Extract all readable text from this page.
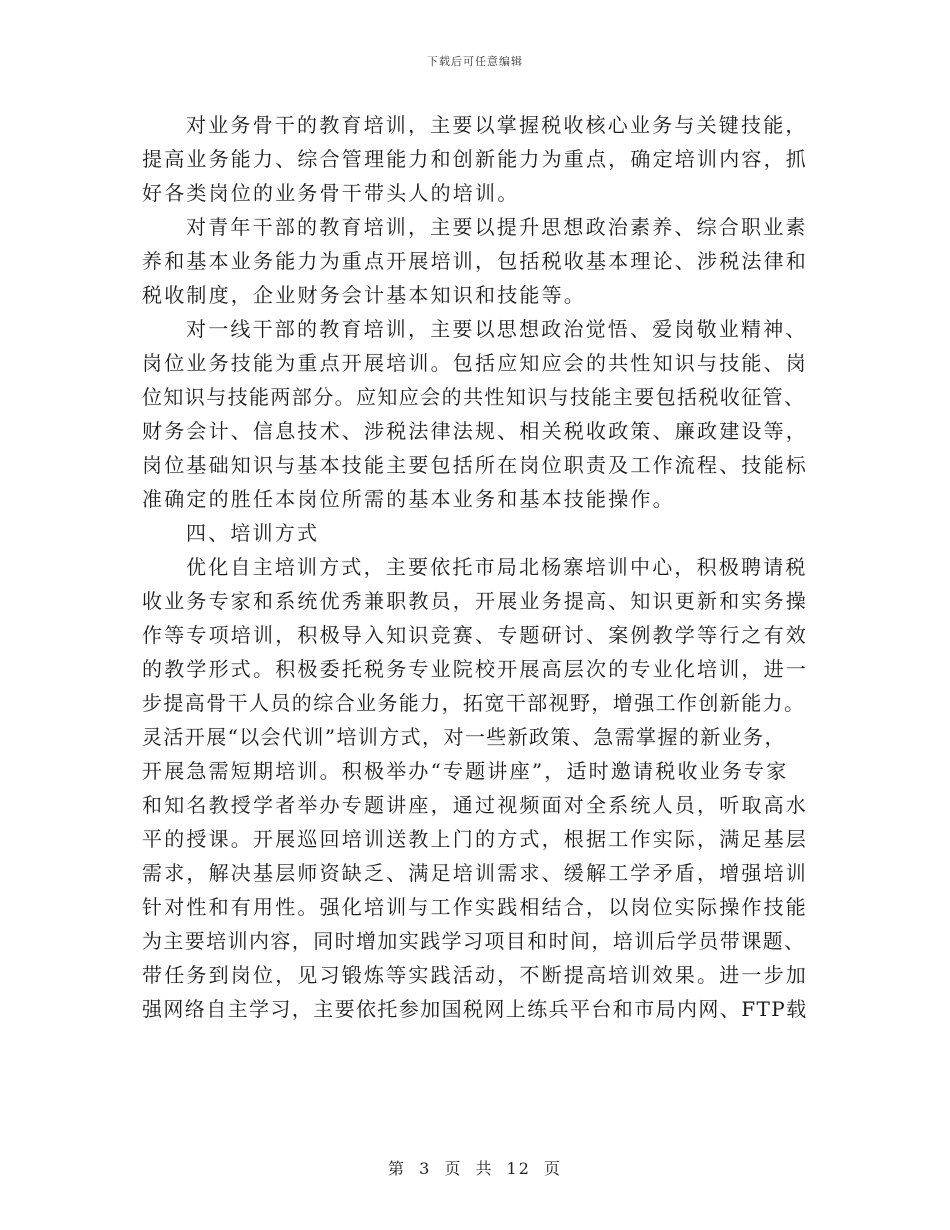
下载后可任意编辑
对业务骨干的教育培训，主要以掌握税收核心业务与关键技能，
提高业务能力、综合管理能力和创新能力为重点，确定培训内容，抓
好各类岗位的业务骨干带头人的培训。
对青年干部的教育培训，主要以提升思想政治素养、综合职业素
养和基本业务能力为重点开展培训，包括税收基本理论、涉税法律和
税收制度，企业财务会计基本知识和技能等。
对一线干部的教育培训，主要以思想政治觉悟、爱岗敬业精神、
岗位业务技能为重点开展培训。包括应知应会的共性知识与技能、岗
位知识与技能两部分。应知应会的共性知识与技能主要包括税收征管、
财务会计、信息技术、涉税法律法规、相关税收政策、廉政建设等，
岗位基础知识与基本技能主要包括所在岗位职责及工作流程、技能标
准确定的胜任本岗位所需的基本业务和基本技能操作。
四、培训方式
优化自主培训方式，主要依托市局北杨寨培训中心，积极聘请税
收业务专家和系统优秀兼职教员，开展业务提高、知识更新和实务操
作等专项培训，积极导入知识竞赛、专题研讨、案例教学等行之有效
的教学形式。积极委托税务专业院校开展高层次的专业化培训，进一
步提高骨干人员的综合业务能力，拓宽干部视野，增强工作创新能力。
灵活开展“以会代训”培训方式，对一些新政策、急需掌握的新业务，
开展急需短期培训。积极举办“专题讲座”，适时邀请税收业务专家
和知名教授学者举办专题讲座，通过视频面对全系统人员，听取高水
平的授课。开展巡回培训送教上门的方式，根据工作实际，满足基层
需求，解决基层师资缺乏、满足培训需求、缓解工学矛盾，增强培训
针对性和有用性。强化培训与工作实践相结合，以岗位实际操作技能
为主要培训内容，同时增加实践学习项目和时间，培训后学员带课题、
带任务到岗位，见习锻炼等实践活动，不断提高培训效果。进一步加
强网络自主学习，主要依托参加国税网上练兵平台和市局内网、FTP载
第 3 页 共 12 页
